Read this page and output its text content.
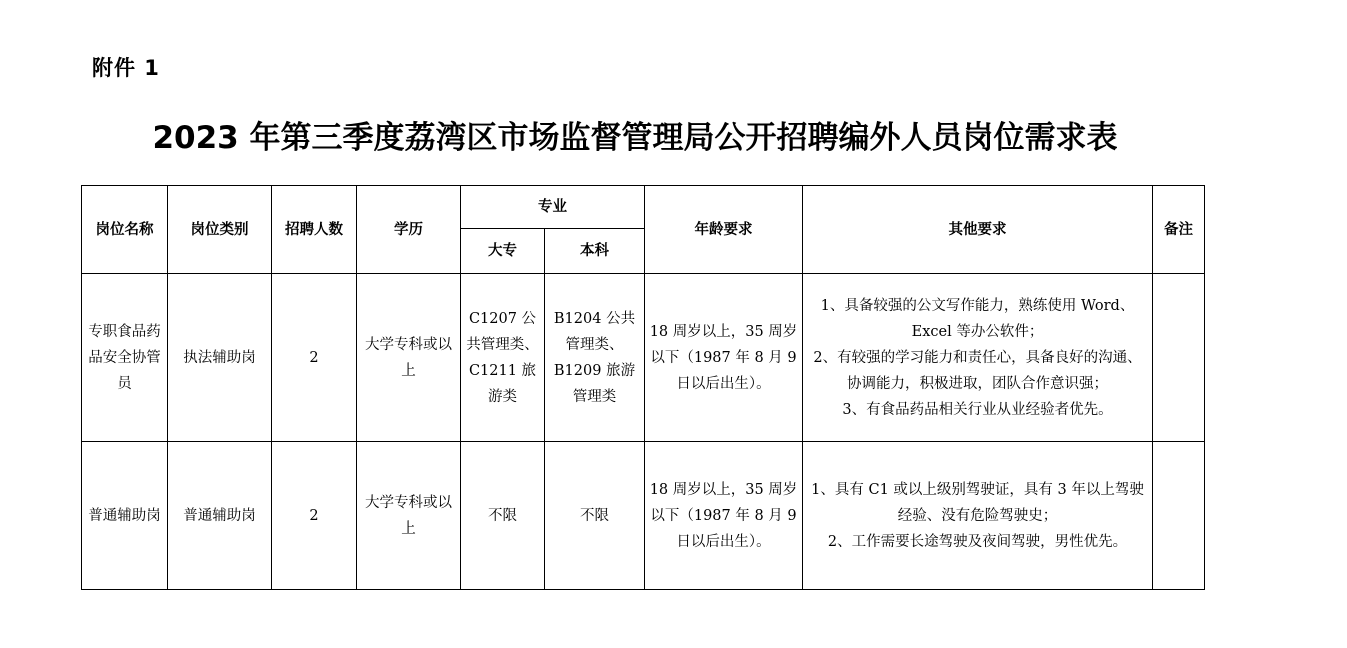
附件 1
2023 年第三季度荔湾区市场监督管理局公开招聘编外人员岗位需求表
岗位名称	岗位类别	招聘人数	学历	专业		年龄要求	其他要求	备注
				大专	本科			
专职食品药品安全协管员	执法辅助岗	2	大学专科或以上	C1207 公共管理类、C1211 旅游类	B1204 公共管理类、B1209 旅游管理类	18 周岁以上，35 周岁以下（1987 年 8 月 9 日以后出生）。	1、具备较强的公文写作能力，熟练使用 Word、Excel 等办公软件；
2、有较强的学习能力和责任心，具备良好的沟通、协调能力，积极进取，团队合作意识强；
3、有食品药品相关行业从业经验者优先。	

普通辅助岗	普通辅助岗	2	大学专科或以上	不限	不限	18 周岁以上，35 周岁以下（1987 年 8 月 9 日以后出生）。	1、具有 C1 或以上级别驾驶证，具有 3 年以上驾驶经验、没有危险驾驶史；
2、工作需要长途驾驶及夜间驾驶，男性优先。	
